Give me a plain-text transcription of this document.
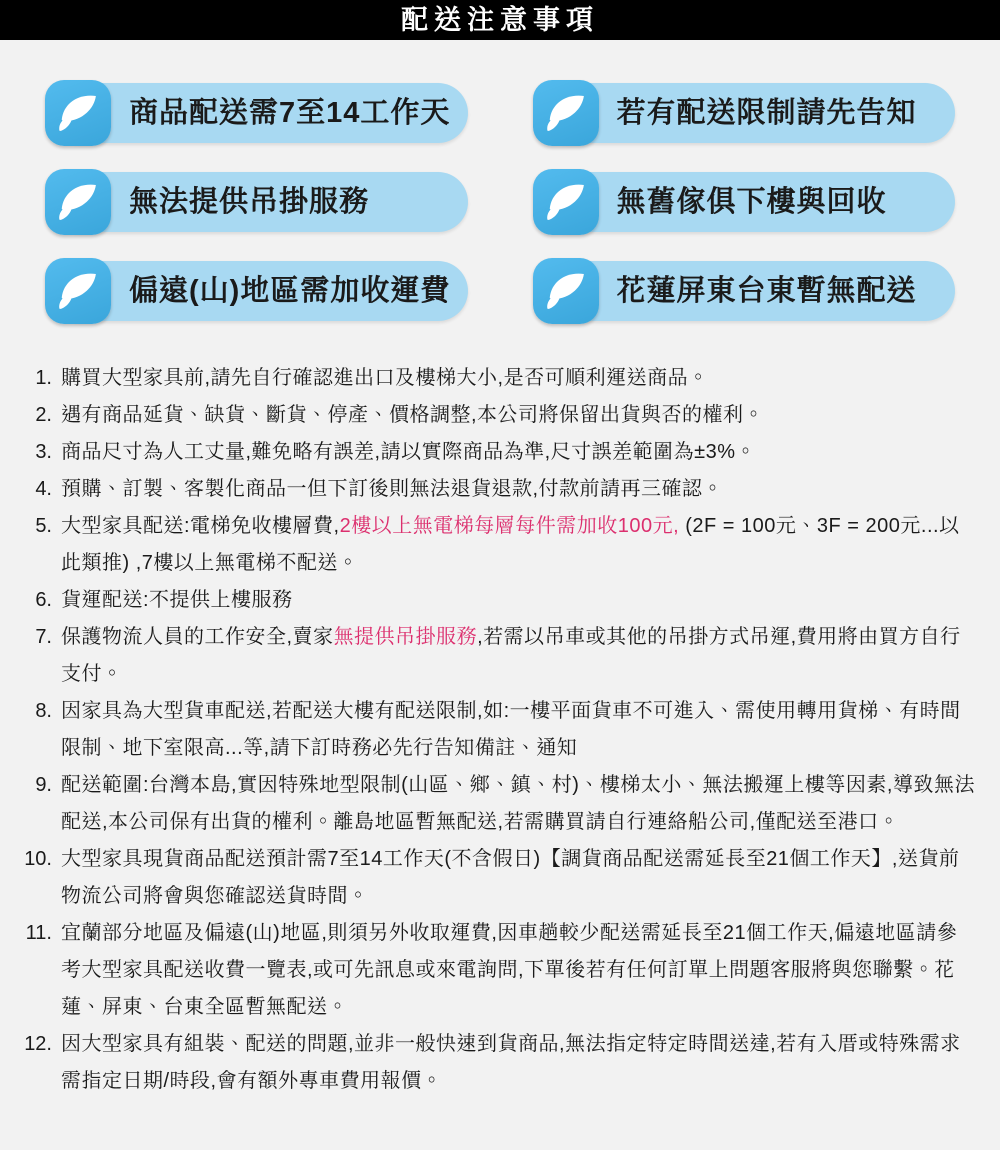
配送注意事項
商品配送需7至14工作天	若有配送限制請先告知
無法提供吊掛服務	無舊傢俱下樓與回收
偏遠(山)地區需加收運費	花蓮屏東台東暫無配送
1. 購買大型家具前,請先自行確認進出口及樓梯大小,是否可順利運送商品。
2. 遇有商品延貨、缺貨、斷貨、停產、價格調整,本公司將保留出貨與否的權利。
3. 商品尺寸為人工丈量,難免略有誤差,請以實際商品為準,尺寸誤差範圍為±3%。
4. 預購、訂製、客製化商品一但下訂後則無法退貨退款,付款前請再三確認。
5. 大型家具配送:電梯免收樓層費,2樓以上無電梯每層每件需加收100元, (2F = 100元、3F = 200元...以此類推) ,7樓以上無電梯不配送。
6. 貨運配送:不提供上樓服務
7. 保護物流人員的工作安全,賣家無提供吊掛服務,若需以吊車或其他的吊掛方式吊運,費用將由買方自行支付。
8. 因家具為大型貨車配送,若配送大樓有配送限制,如:一樓平面貨車不可進入、需使用轉用貨梯、有時間限制、地下室限高...等,請下訂時務必先行告知備註、通知
9. 配送範圍:台灣本島,實因特殊地型限制(山區、鄉、鎮、村)、樓梯太小、無法搬運上樓等因素,導致無法配送,本公司保有出貨的權利。離島地區暫無配送,若需購買請自行連絡船公司,僅配送至港口。
10. 大型家具現貨商品配送預計需7至14工作天(不含假日)【調貨商品配送需延長至21個工作天】,送貨前物流公司將會與您確認送貨時間。
11. 宜蘭部分地區及偏遠(山)地區,則須另外收取運費,因車趟較少配送需延長至21個工作天,偏遠地區請參考大型家具配送收費一覽表,或可先訊息或來電詢問,下單後若有任何訂單上問題客服將與您聯繫。花蓮、屏東、台東全區暫無配送。
12. 因大型家具有組裝、配送的問題,並非一般快速到貨商品,無法指定特定時間送達,若有入厝或特殊需求需指定日期/時段,會有額外專車費用報價。
